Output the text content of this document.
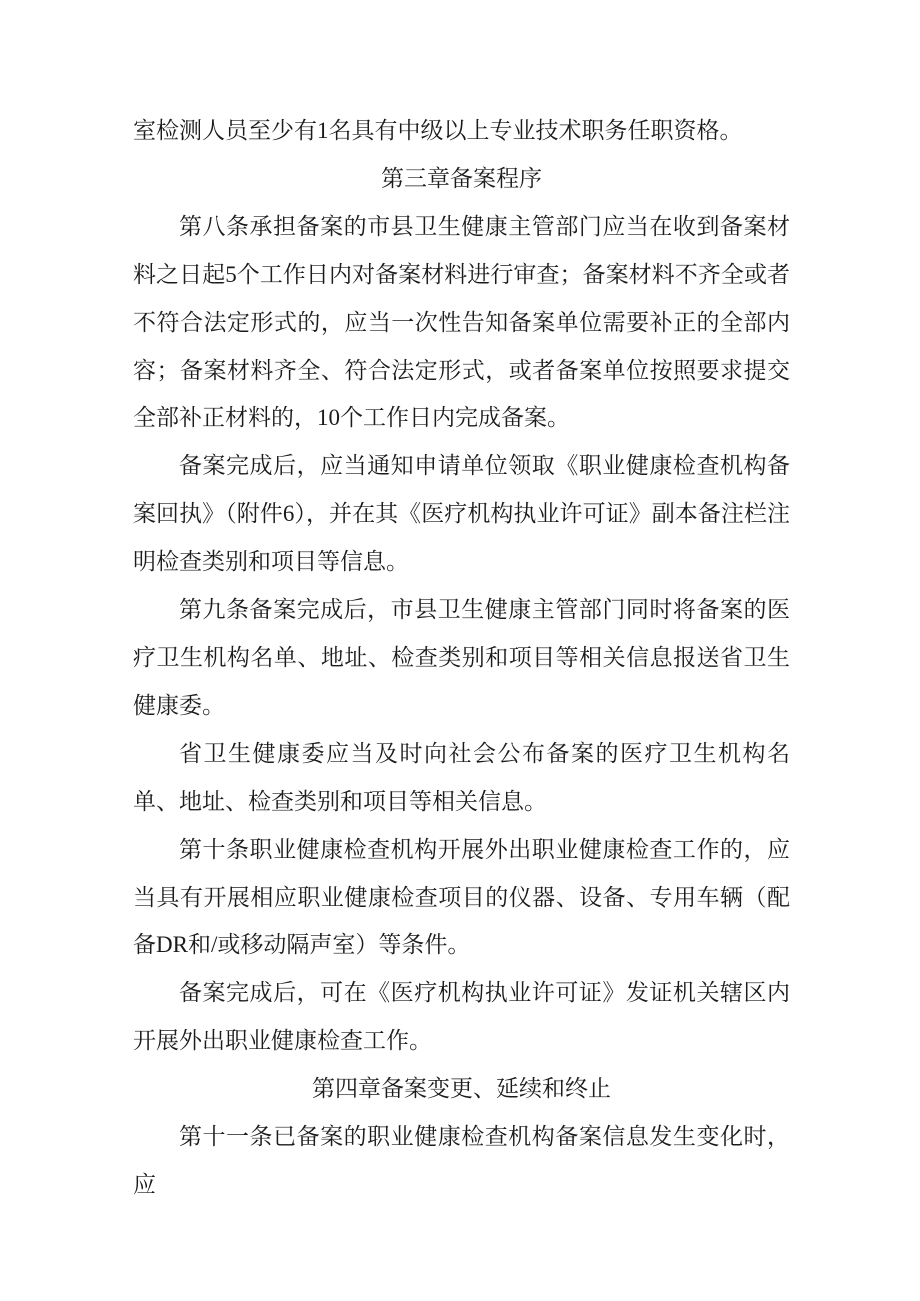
室检测人员至少有1名具有中级以上专业技术职务任职资格。

第三章备案程序

第八条承担备案的市县卫生健康主管部门应当在收到备案材料之日起5个工作日内对备案材料进行审查；备案材料不齐全或者不符合法定形式的，应当一次性告知备案单位需要补正的全部内容；备案材料齐全、符合法定形式，或者备案单位按照要求提交全部补正材料的，10个工作日内完成备案。

备案完成后，应当通知申请单位领取《职业健康检查机构备案回执》（附件6），并在其《医疗机构执业许可证》副本备注栏注明检查类别和项目等信息。

第九条备案完成后，市县卫生健康主管部门同时将备案的医疗卫生机构名单、地址、检查类别和项目等相关信息报送省卫生健康委。

省卫生健康委应当及时向社会公布备案的医疗卫生机构名单、地址、检查类别和项目等相关信息。

第十条职业健康检查机构开展外出职业健康检查工作的，应当具有开展相应职业健康检查项目的仪器、设备、专用车辆（配备DR和/或移动隔声室）等条件。

备案完成后，可在《医疗机构执业许可证》发证机关辖区内开展外出职业健康检查工作。

第四章备案变更、延续和终止

第十一条已备案的职业健康检查机构备案信息发生变化时，应
